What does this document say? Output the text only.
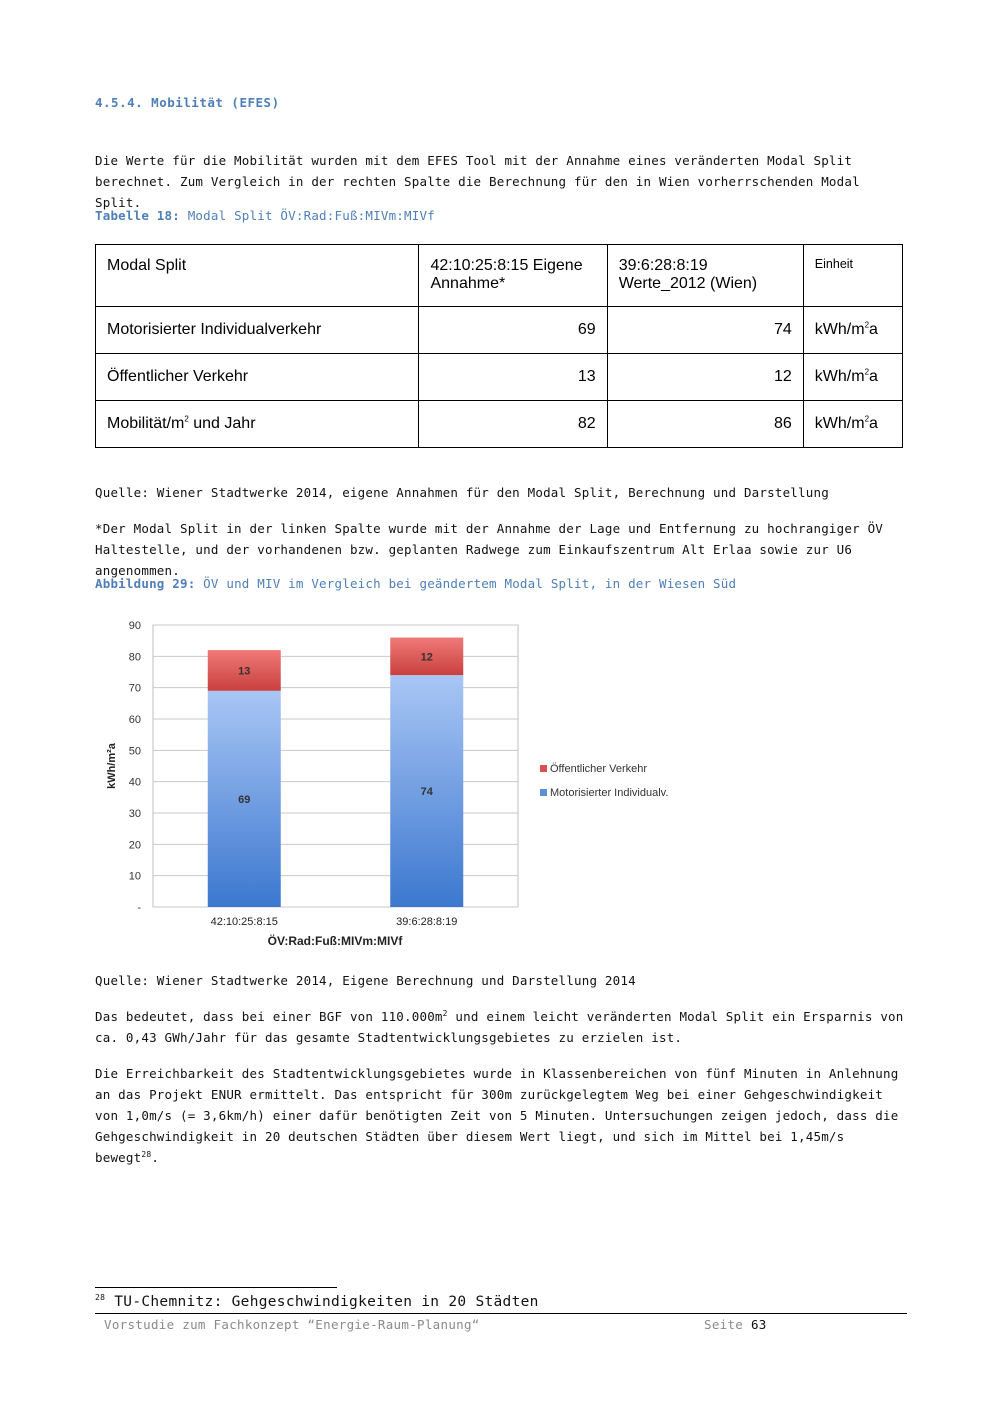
4.5.4. Mobilität (EFES)
Die Werte für die Mobilität wurden mit dem EFES Tool mit der Annahme eines veränderten Modal Split berechnet. Zum Vergleich in der rechten Spalte die Berechnung für den in Wien vorherrschenden Modal Split.
Tabelle 18: Modal Split ÖV:Rad:Fuß:MIVm:MIVf
Modal Split	42:10:25:8:15 Eigene Annahme*	39:6:28:8:19 Werte_2012 (Wien)	Einheit
Motorisierter Individualverkehr	69	74	kWh/$m^2a$
Öffentlicher Verkehr	13	12	kWh/$m^2a$
Mobilität/$m^2$ und Jahr	82	86	kWh/$m^2a$
Quelle: Wiener Stadtwerke 2014, eigene Annahmen für den Modal Split, Berechnung und Darstellung
*Der Modal Split in der linken Spalte wurde mit der Annahme der Lage und Entfernung zu hochrangiger ÖV Haltestelle, und der vorhandenen bzw. geplanten Radwege zum Einkaufszentrum Alt Erlaa sowie zur U6 angenommen.
Abbildung 29: ÖV und MIV im Vergleich bei geändertem Modal Split, in der Wiesen Süd
-
10
20
30
40
50
60
70
80
90
69
13
74
12
42:10:25:8:15	39:6:28:8:19
kWh/m²a
ÖV:Rad:Fuß:MIVm:MIVf
Öffentlicher Verkehr
Motorisierter Individualv.
Quelle: Wiener Stadtwerke 2014, Eigene Berechnung und Darstellung 2014
Das bedeutet, dass bei einer BGF von $110.000m^2$ und einem leicht veränderten Modal Split ein Ersparnis von ca. 0,43 GWh/Jahr für das gesamte Stadtentwicklungsgebietes zu erzielen ist.
Die Erreichbarkeit des Stadtentwicklungsgebietes wurde in Klassenbereichen von fünf Minuten in Anlehnung an das Projekt ENUR ermittelt. Das entspricht für 300m zurückgelegtem Weg bei einer Gehgeschwindigkeit von 1,0m/s (= 3,6km/h) einer dafür benötigten Zeit von 5 Minuten. Untersuchungen zeigen jedoch, dass die Gehgeschwindigkeit in 20 deutschen Städten über diesem Wert liegt, und sich im Mittel bei 1,45m/s bewegt$^{28}$.
$^{28}$ TU-Chemnitz: Gehgeschwindigkeiten in 20 Städten
Vorstudie zum Fachkonzept “Energie-Raum-Planung“	Seite 63
